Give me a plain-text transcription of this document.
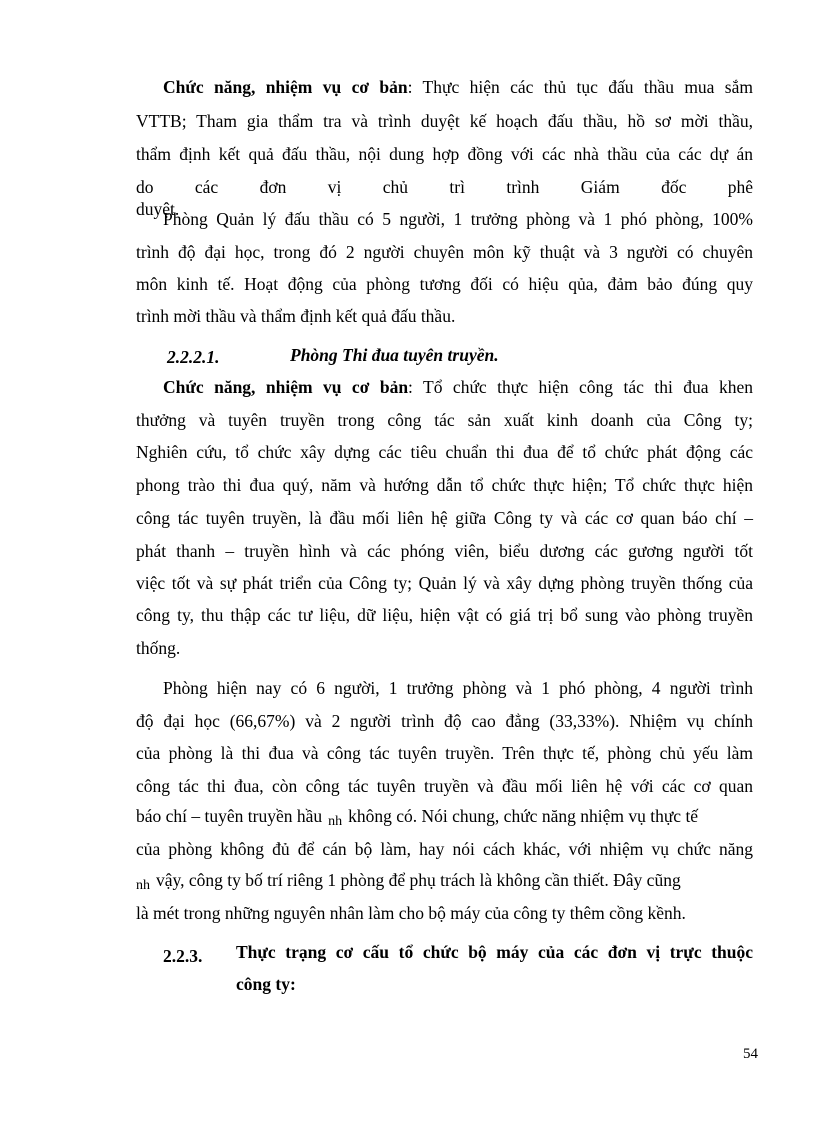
Chức năng, nhiệm vụ cơ bản: Thực hiện các thủ tục đấu thầu mua sắm
VTTB; Tham gia thẩm tra và trình duyệt kế hoạch đấu thầu, hồ sơ mời thầu,
thẩm định kết quả đấu thầu, nội dung hợp đồng với các nhà thầu của các dự án
do các đơn vị chủ trì trình Giám đốc phê duyệt.
Phòng Quản lý đấu thầu có 5 người, 1 trưởng phòng và 1 phó phòng, 100%
trình độ đại học, trong đó 2 người chuyên môn kỹ thuật và 3 người có chuyên
môn kinh tế. Hoạt động của phòng tương đối có hiệu qủa, đảm bảo đúng quy
trình mời thầu và thẩm định kết quả đấu thầu.
2.2.2.1.	Phòng Thi đua tuyên truyền.
Chức năng, nhiệm vụ cơ bản: Tổ chức thực hiện công tác thi đua khen
thưởng và tuyên truyền trong công tác sản xuất kinh doanh của Công ty;
Nghiên cứu, tổ chức xây dựng các tiêu chuẩn thi đua để tổ chức phát động các
phong trào thi đua quý, năm và hướng dẫn tổ chức thực hiện; Tổ chức thực hiện
công tác tuyên truyền, là đầu mối liên hệ giữa Công ty và các cơ quan báo chí –
phát thanh – truyền hình và các phóng viên, biểu dương các gương người tốt
việc tốt và sự phát triển của Công ty; Quản lý và xây dựng phòng truyền thống của
công ty, thu thập các tư liệu, dữ liệu, hiện vật có giá trị bổ sung vào phòng truyền
thống.
Phòng hiện nay có 6 người, 1 trưởng phòng và 1 phó phòng, 4 người trình
độ đại học (66,67%) và 2 người trình độ cao đẳng (33,33%). Nhiệm vụ chính
của phòng là thi đua và công tác tuyên truyền. Trên thực tế, phòng chủ yếu làm
công tác thi đua, còn công tác tuyên truyền và đầu mối liên hệ với các cơ quan
báo chí – tuyên truyền hầu nh không có. Nói chung, chức năng nhiệm vụ thực tế
của phòng không đủ để cán bộ làm, hay nói cách khác, với nhiệm vụ chức năng
nh vậy, công ty bố trí riêng 1 phòng để phụ trách là không cần thiết. Đây cũng
là mét trong những nguyên nhân làm cho bộ máy của công ty thêm cồng kềnh.
2.2.3. Thực trạng cơ cấu tổ chức bộ máy của các đơn vị trực thuộc
công ty:
54
